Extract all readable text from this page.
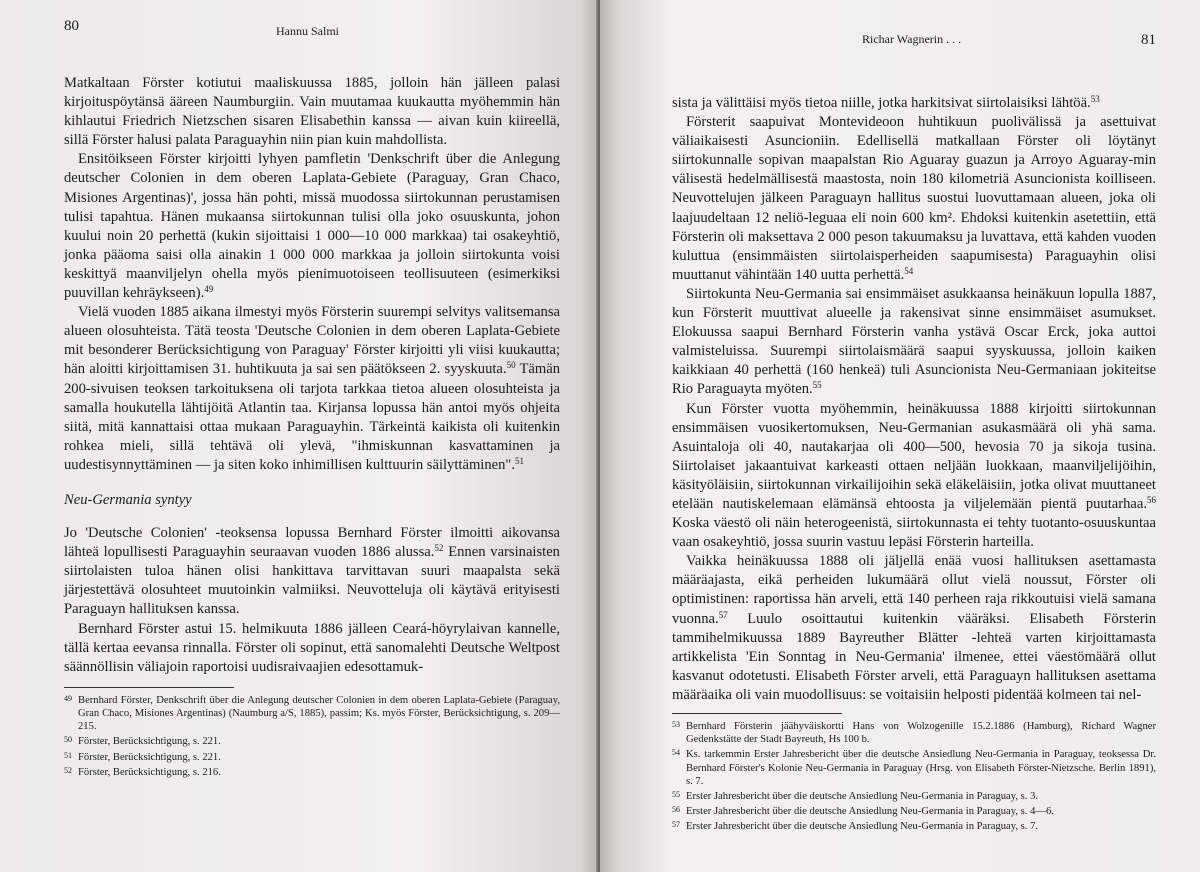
80	Hannu Salmi

Matkaltaan Förster kotiutui maaliskuussa 1885, jolloin hän jälleen palasi kirjoituspöytänsä ääreen Naumburgiin. Vain muutamaa kuukautta myöhemmin hän kihlautui Friedrich Nietzschen sisaren Elisabethin kanssa — aivan kuin kiireellä, sillä Förster halusi palata Paraguayhin niin pian kuin mahdollista.

Ensitöikseen Förster kirjoitti lyhyen pamfletin 'Denkschrift über die Anlegung deutscher Colonien in dem oberen Laplata-Gebiete (Paraguay, Gran Chaco, Misiones Argentinas)', jossa hän pohti, missä muodossa siirtokunnan perustamisen tulisi tapahtua. Hänen mukaansa siirtokunnan tulisi olla joko osuuskunta, johon kuului noin 20 perhettä (kukin sijoittaisi 1 000—10 000 markkaa) tai osakeyhtiö, jonka pääoma saisi olla ainakin 1 000 000 markkaa ja jolloin siirtokunta voisi keskittyä maanviljelyn ohella myös pienimuotoiseen teollisuuteen (esimerkiksi puuvillan kehräykseen).$^{49}$

Vielä vuoden 1885 aikana ilmestyi myös Försterin suurempi selvitys valitsemansa alueen olosuhteista. Tätä teosta 'Deutsche Colonien in dem oberen Laplata-Gebiete mit besonderer Berücksichtigung von Paraguay' Förster kirjoitti yli viisi kuukautta; hän aloitti kirjoittamisen 31. huhtikuuta ja sai sen päätökseen 2. syyskuuta.$^{50}$ Tämän 200-sivuisen teoksen tarkoituksena oli tarjota tarkkaa tietoa alueen olosuhteista ja samalla houkutella lähtijöitä Atlantin taa. Kirjansa lopussa hän antoi myös ohjeita siitä, mitä kannattaisi ottaa mukaan Paraguayhin. Tärkeintä kaikista oli kuitenkin rohkea mieli, sillä tehtävä oli ylevä, "ihmiskunnan kasvattaminen ja uudestisynnyttäminen — ja siten koko inhimillisen kulttuurin säilyttäminen".$^{51}$

Neu-Germania syntyy

Jo 'Deutsche Colonien' -teoksensa lopussa Bernhard Förster ilmoitti aikovansa lähteä lopullisesti Paraguayhin seuraavan vuoden 1886 alussa.$^{52}$ Ennen varsinaisten siirtolaisten tuloa hänen olisi hankittava tarvittavan suuri maapalsta sekä järjestettävä olosuhteet muutoinkin valmiiksi. Neuvotteluja oli käytävä erityisesti Paraguayn hallituksen kanssa.

Bernhard Förster astui 15. helmikuuta 1886 jälleen Ceará-höyrylaivan kannelle, tällä kertaa eevansa rinnalla. Förster oli sopinut, että sanomalehti Deutsche Weltpost säännöllisin väliajoin raportoisi uudisraivaajien edesottamuk-

49 Bernhard Förster, Denkschrift über die Anlegung deutscher Colonien in dem oberen Laplata-Gebiete (Paraguay, Gran Chaco, Misiones Argentinas) (Naumburg a/S, 1885), passim; Ks. myös Förster, Berücksichtigung, s. 209—215.
50 Förster, Berücksichtigung, s. 221.
51 Förster, Berücksichtigung, s. 221.
52 Förster, Berücksichtigung, s. 216.
Richar Wagnerin . . .	81

sista ja välittäisi myös tietoa niille, jotka harkitsivat siirtolaisiksi lähtöä.$^{53}$

Försterit saapuivat Montevideoon huhtikuun puolivälissä ja asettuivat väliaikaisesti Asuncioniin. Edellisellä matkallaan Förster oli löytänyt siirtokunnalle sopivan maapalstan Rio Aguaray guazun ja Arroyo Aguaray-min välisestä hedelmällisestä maastosta, noin 180 kilometriä Asuncionista koilliseen. Neuvottelujen jälkeen Paraguayn hallitus suostui luovuttamaan alueen, joka oli laajuudeltaan 12 neliö-leguaa eli noin 600 km². Ehdoksi kuitenkin asetettiin, että Försterin oli maksettava 2 000 peson takuumaksu ja luvattava, että kahden vuoden kuluttua (ensimmäisten siirtolaisperheiden saapumisesta) Paraguayhin olisi muuttanut vähintään 140 uutta perhettä.$^{54}$

Siirtokunta Neu-Germania sai ensimmäiset asukkaansa heinäkuun lopulla 1887, kun Försterit muuttivat alueelle ja rakensivat sinne ensimmäiset asumukset. Elokuussa saapui Bernhard Försterin vanha ystävä Oscar Erck, joka auttoi valmisteluissa. Suurempi siirtolaismäärä saapui syyskuussa, jolloin kaiken kaikkiaan 40 perhettä (160 henkeä) tuli Asuncionista Neu-Germaniaan jokiteitse Rio Paraguayta myöten.$^{55}$

Kun Förster vuotta myöhemmin, heinäkuussa 1888 kirjoitti siirtokunnan ensimmäisen vuosikertomuksen, Neu-Germanian asukasmäärä oli yhä sama. Asuintaloja oli 40, nautakarjaa oli 400—500, hevosia 70 ja sikoja tusina. Siirtolaiset jakaantuivat karkeasti ottaen neljään luokkaan, maanviljelijöihin, käsityöläisiin, siirtokunnan virkailijoihin sekä eläkeläisiin, jotka olivat muuttaneet etelään nautiskelemaan elämänsä ehtoosta ja viljelemään pientä puutarhaa.$^{56}$ Koska väestö oli näin heterogeenistä, siirtokunnasta ei tehty tuotanto-osuuskuntaa vaan osakeyhtiö, jossa suurin vastuu lepäsi Försterin harteilla.

Vaikka heinäkuussa 1888 oli jäljellä enää vuosi hallituksen asettamasta määräajasta, eikä perheiden lukumäärä ollut vielä noussut, Förster oli optimistinen: raportissa hän arveli, että 140 perheen raja rikkoutuisi vielä samana vuonna.$^{57}$ Luulo osoittautui kuitenkin vääräksi. Elisabeth Försterin tammihelmikuussa 1889 Bayreuther Blätter -lehteä varten kirjoittamasta artikkelista 'Ein Sonntag in Neu-Germania' ilmenee, ettei väestömäärä ollut kasvanut odotetusti. Elisabeth Förster arveli, että Paraguayn hallituksen asettama määräaika oli vain muodollisuus: se voitaisiin helposti pidentää kolmeen tai nel-

53 Bernhard Försterin jäähyväiskortti Hans von Wolzogenille 15.2.1886 (Hamburg), Richard Wagner Gedenkstätte der Stadt Bayreuth, Hs 100 b.
54 Ks. tarkemmin Erster Jahresbericht über die deutsche Ansiedlung Neu-Germania in Paraguay, teoksessa Dr. Bernhard Förster's Kolonie Neu-Germania in Paraguay (Hrsg. von Elisabeth Förster-Nietzsche. Berlin 1891), s. 7.
55 Erster Jahresbericht über die deutsche Ansiedlung Neu-Germania in Paraguay, s. 3.
56 Erster Jahresbericht über die deutsche Ansiedlung Neu-Germania in Paraguay, s. 4—6.
57 Erster Jahresbericht über die deutsche Ansiedlung Neu-Germania in Paraguay, s. 7.
